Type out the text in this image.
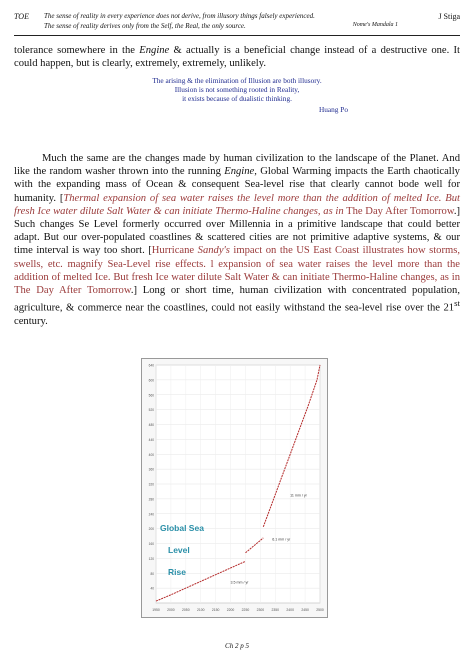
TOE The sense of reality in every experience does not derive, from illusory things falsely experienced.
The sense of reality derives only from the Self, the Real, the only source.	Nome's Mandala 1
J Stiga

tolerance somewhere in the Engine & actually is a beneficial change instead of a destructive one. It could happen, but is clearly, extremely, extremely, unlikely.

The arising & the elimination of Illusion are both illusory.
Illusion is not something rooted in Reality,
it exists because of dualistic thinking.
Huang Po

Much the same are the changes made by human civilization to the landscape of the Planet. And like the random washer thrown into the running Engine, Global Warming impacts the Earth chaotically with the expanding mass of Ocean & consequent Sea-level rise that clearly cannot bode well for humanity. [Thermal expansion of sea water raises the level more than the addition of melted Ice. But fresh Ice water dilute Salt Water & can initiate Thermo-Haline changes, as in The Day After Tomorrow.] Such changes Se Level formerly occurred over Millennia in a primitive landscape that could better adapt. But our over-populated coastlines & scattered cities are not primitive adaptive systems, & our time interval is way too short. [Hurricane Sandy's impact on the US East Coast illustrates how storms, swells, etc. magnify Sea-Level rise effects. l expansion of sea water raises the level more than the addition of melted Ice. But fresh Ice water dilute Salt Water & can initiate Thermo-Haline changes, as in The Day After Tomorrow.] Long or short time, human civilization with concentrated population, agriculture, & commerce near the coastlines, could not easily withstand the sea-level rise over the 21st century.

40
80
120
160
200
240
280
320
360
400
440
480
520
560
600
640
1950 2000 2050 2100 2150 2200 2250 2300 2350 2400 2450 2500
3.5 mm / yr
6.1 mm / yr
11 mm / yr
Global Sea
Level
Rise
Ch 2 p 5
